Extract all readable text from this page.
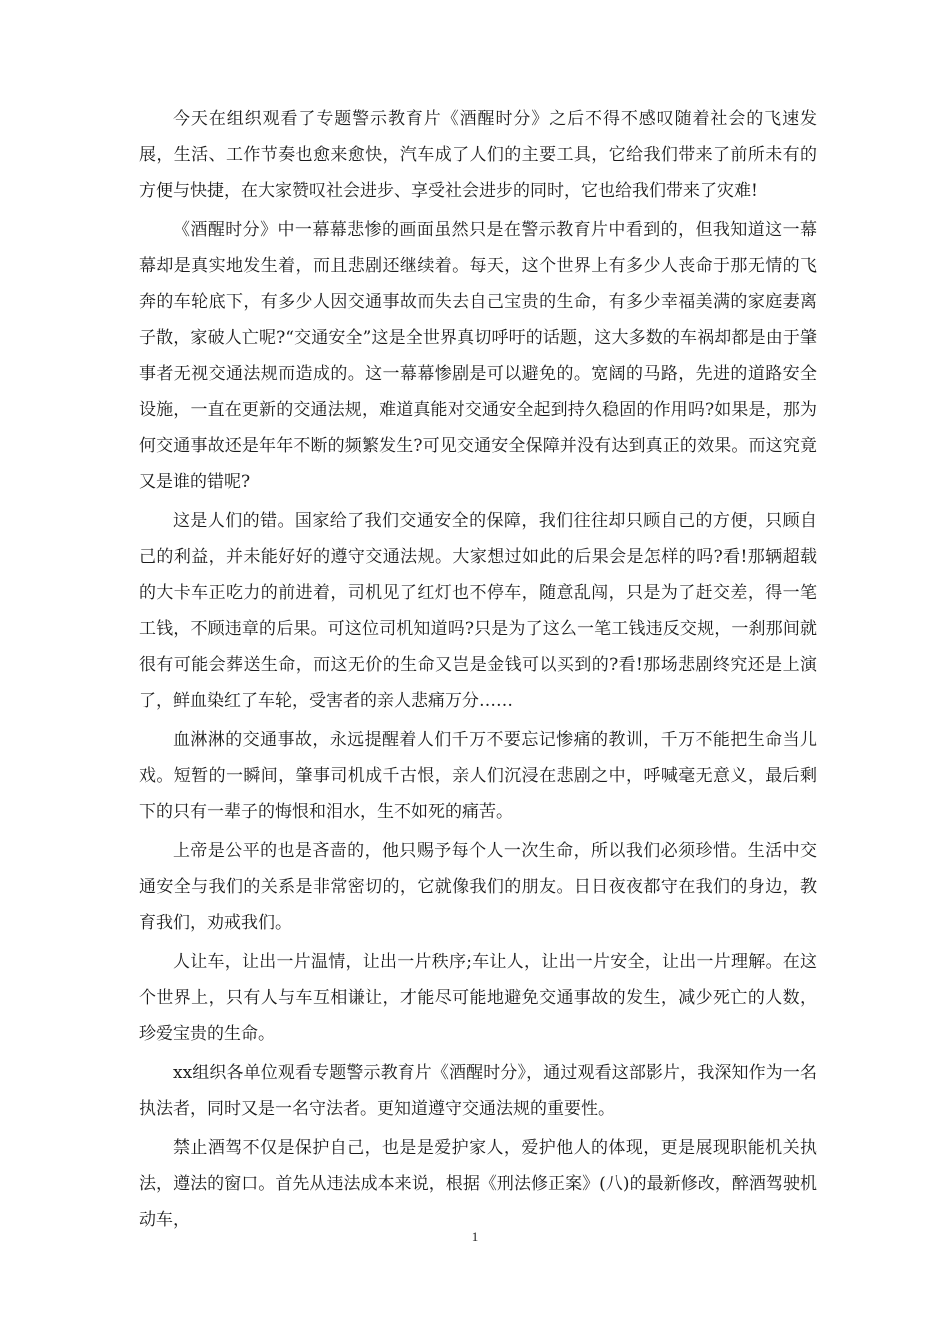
今天在组织观看了专题警示教育片《酒醒时分》之后不得不感叹随着社会的飞速发展，生活、工作节奏也愈来愈快，汽车成了人们的主要工具，它给我们带来了前所未有的方便与快捷，在大家赞叹社会进步、享受社会进步的同时，它也给我们带来了灾难!

《酒醒时分》中一幕幕悲惨的画面虽然只是在警示教育片中看到的，但我知道这一幕幕却是真实地发生着，而且悲剧还继续着。每天，这个世界上有多少人丧命于那无情的飞奔的车轮底下，有多少人因交通事故而失去自己宝贵的生命，有多少幸福美满的家庭妻离子散，家破人亡呢?“交通安全”这是全世界真切呼吁的话题，这大多数的车祸却都是由于肇事者无视交通法规而造成的。这一幕幕惨剧是可以避免的。宽阔的马路，先进的道路安全设施，一直在更新的交通法规，难道真能对交通安全起到持久稳固的作用吗?如果是，那为何交通事故还是年年不断的频繁发生?可见交通安全保障并没有达到真正的效果。而这究竟又是谁的错呢?

这是人们的错。国家给了我们交通安全的保障，我们往往却只顾自己的方便，只顾自己的利益，并未能好好的遵守交通法规。大家想过如此的后果会是怎样的吗?看!那辆超载的大卡车正吃力的前进着，司机见了红灯也不停车，随意乱闯，只是为了赶交差，得一笔工钱，不顾违章的后果。可这位司机知道吗?只是为了这么一笔工钱违反交规，一刹那间就很有可能会葬送生命，而这无价的生命又岂是金钱可以买到的?看!那场悲剧终究还是上演了，鲜血染红了车轮，受害者的亲人悲痛万分……

血淋淋的交通事故，永远提醒着人们千万不要忘记惨痛的教训，千万不能把生命当儿戏。短暂的一瞬间，肇事司机成千古恨，亲人们沉浸在悲剧之中，呼喊毫无意义，最后剩下的只有一辈子的悔恨和泪水，生不如死的痛苦。

上帝是公平的也是吝啬的，他只赐予每个人一次生命，所以我们必须珍惜。生活中交通安全与我们的关系是非常密切的，它就像我们的朋友。日日夜夜都守在我们的身边，教育我们，劝戒我们。

人让车，让出一片温情，让出一片秩序;车让人，让出一片安全，让出一片理解。在这个世界上，只有人与车互相谦让，才能尽可能地避免交通事故的发生，减少死亡的人数，珍爱宝贵的生命。

xx组织各单位观看专题警示教育片《酒醒时分》，通过观看这部影片，我深知作为一名执法者，同时又是一名守法者。更知道遵守交通法规的重要性。

禁止酒驾不仅是保护自己，也是是爱护家人，爱护他人的体现，更是展现职能机关执法，遵法的窗口。首先从违法成本来说，根据《刑法修正案》(八)的最新修改，醉酒驾驶机动车，

1
